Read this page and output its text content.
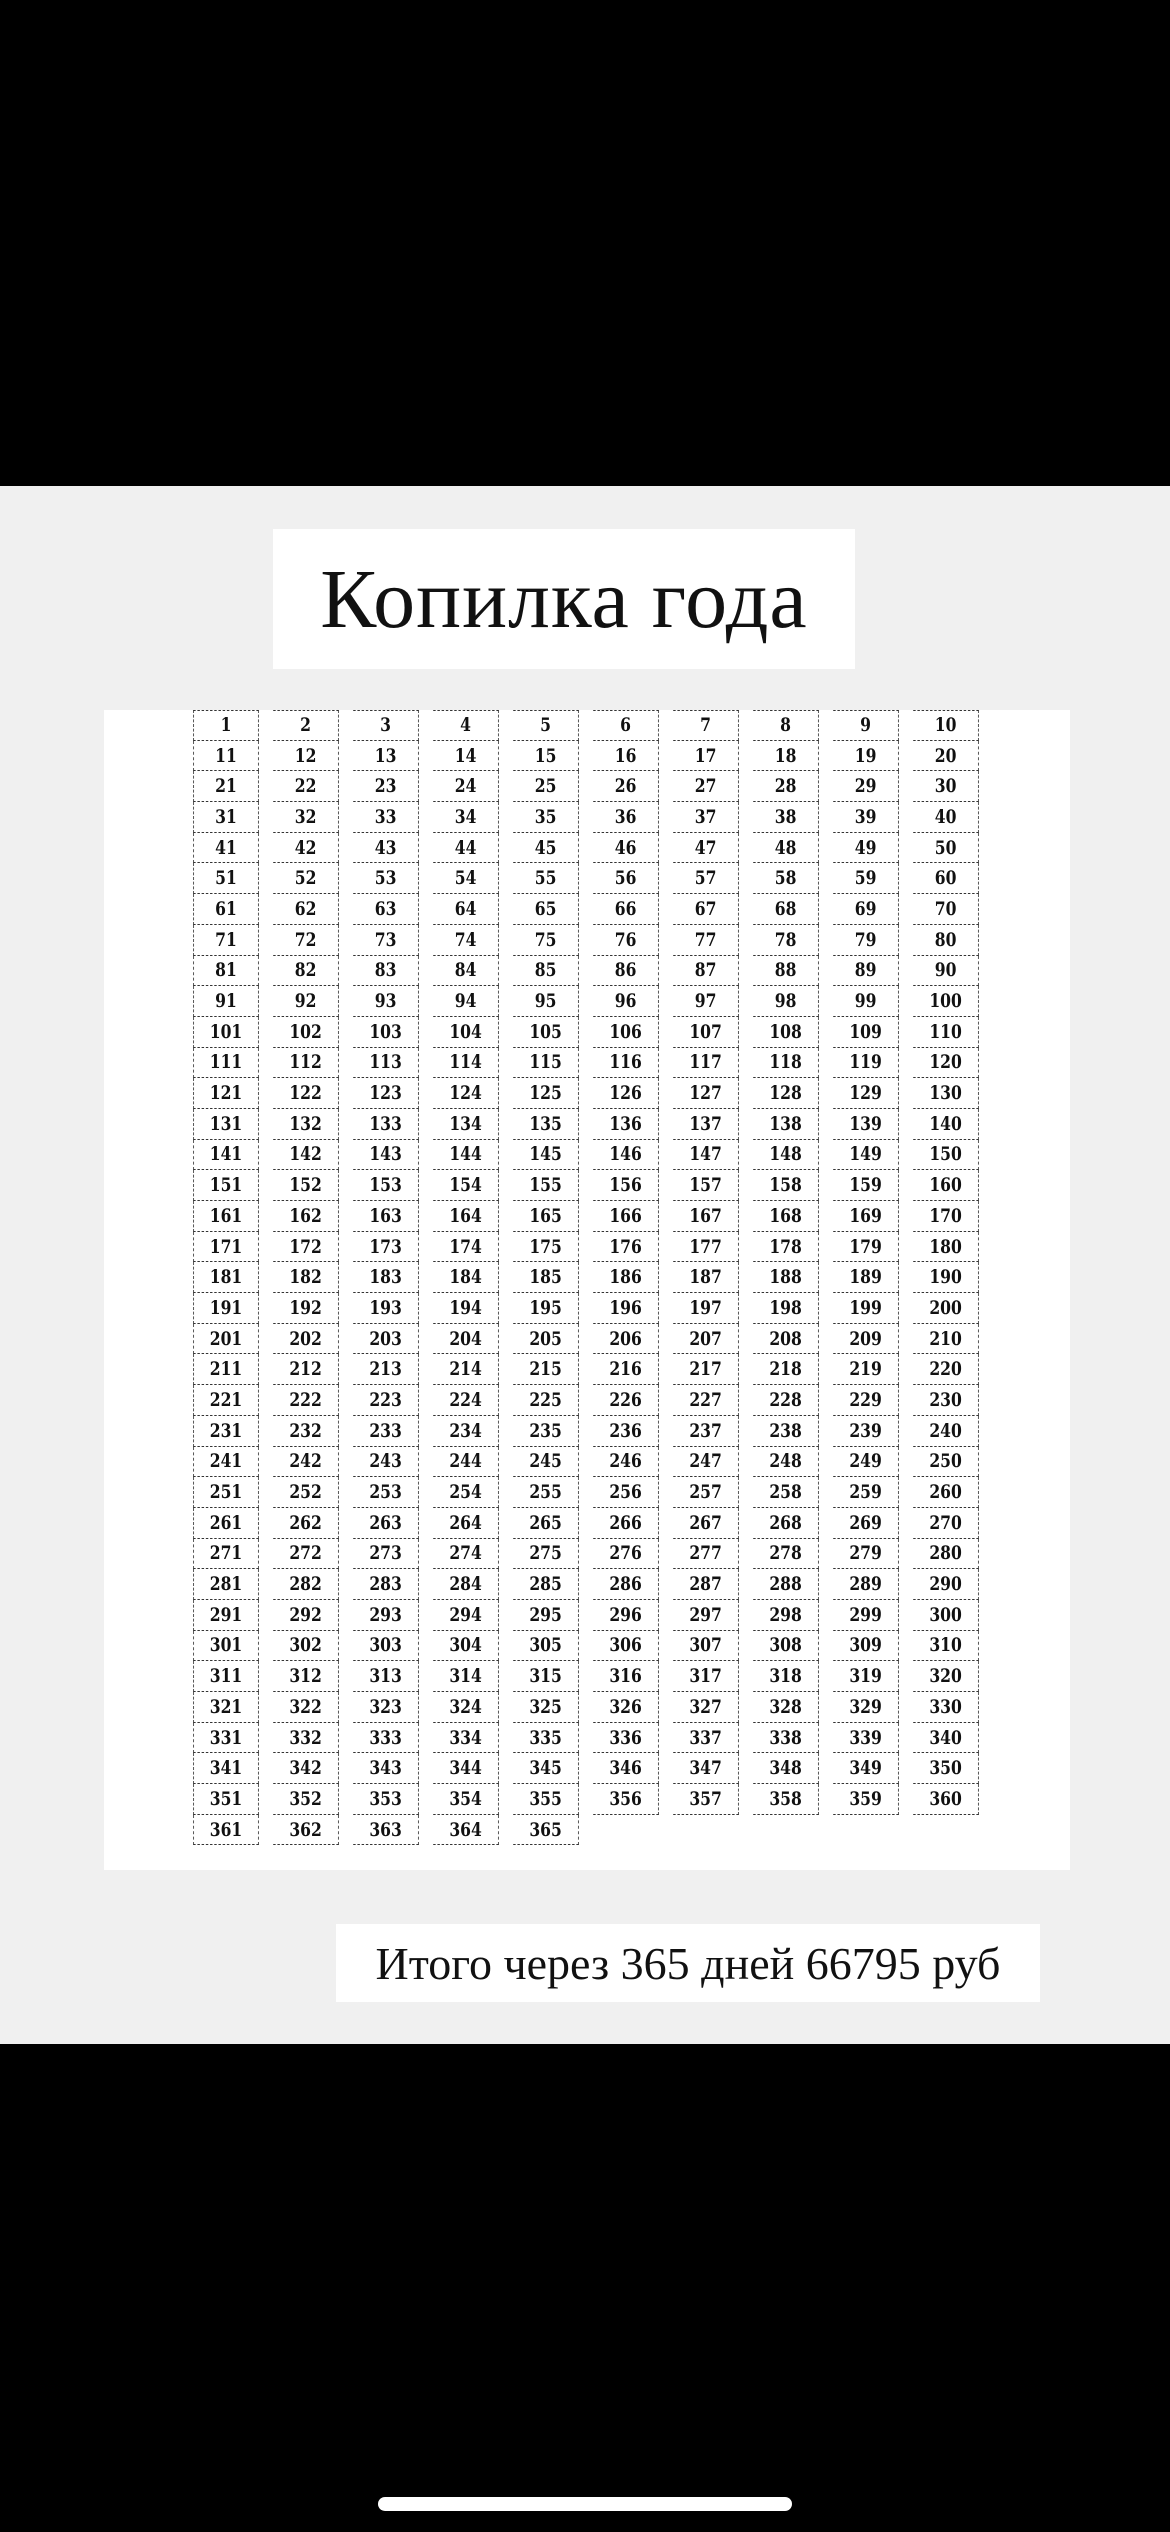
Копилка года
1	2	3	4	5	6	7	8	9	10
11	12	13	14	15	16	17	18	19	20
21	22	23	24	25	26	27	28	29	30
31	32	33	34	35	36	37	38	39	40
41	42	43	44	45	46	47	48	49	50
51	52	53	54	55	56	57	58	59	60
61	62	63	64	65	66	67	68	69	70
71	72	73	74	75	76	77	78	79	80
81	82	83	84	85	86	87	88	89	90
91	92	93	94	95	96	97	98	99	100
101	102	103	104	105	106	107	108	109	110
111	112	113	114	115	116	117	118	119	120
121	122	123	124	125	126	127	128	129	130
131	132	133	134	135	136	137	138	139	140
141	142	143	144	145	146	147	148	149	150
151	152	153	154	155	156	157	158	159	160
161	162	163	164	165	166	167	168	169	170
171	172	173	174	175	176	177	178	179	180
181	182	183	184	185	186	187	188	189	190
191	192	193	194	195	196	197	198	199	200
201	202	203	204	205	206	207	208	209	210
211	212	213	214	215	216	217	218	219	220
221	222	223	224	225	226	227	228	229	230
231	232	233	234	235	236	237	238	239	240
241	242	243	244	245	246	247	248	249	250
251	252	253	254	255	256	257	258	259	260
261	262	263	264	265	266	267	268	269	270
271	272	273	274	275	276	277	278	279	280
281	282	283	284	285	286	287	288	289	290
291	292	293	294	295	296	297	298	299	300
301	302	303	304	305	306	307	308	309	310
311	312	313	314	315	316	317	318	319	320
321	322	323	324	325	326	327	328	329	330
331	332	333	334	335	336	337	338	339	340
341	342	343	344	345	346	347	348	349	350
351	352	353	354	355	356	357	358	359	360
361	362	363	364	365
Итого через 365 дней 66795 руб
